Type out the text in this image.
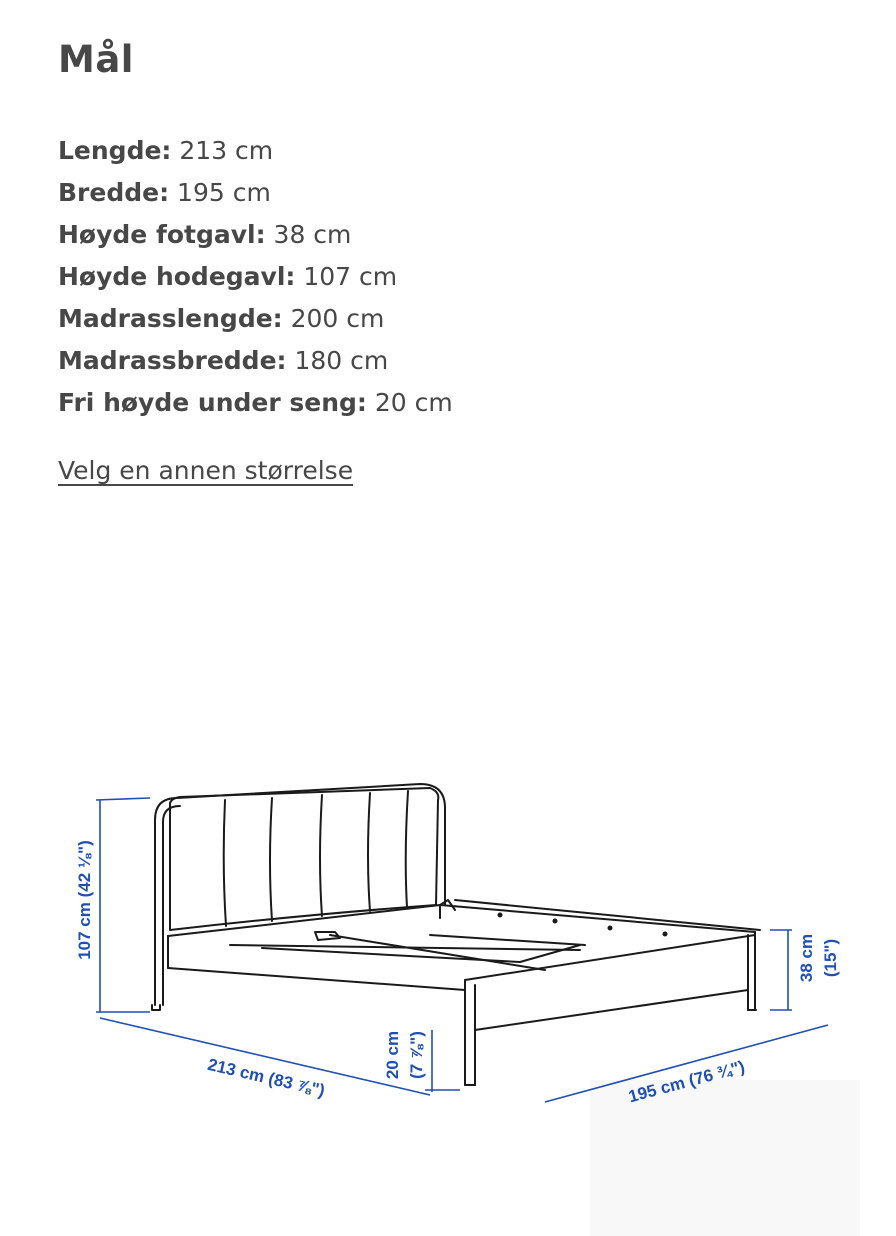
Mål
Lengde: 213 cm
Bredde: 195 cm
Høyde fotgavl: 38 cm
Høyde hodegavl: 107 cm
Madrasslengde: 200 cm
Madrassbredde: 180 cm
Fri høyde under seng: 20 cm
Velg en annen størrelse
107 cm (42 ⅛")	38 cm (15")
20 cm (7 ⅞")
213 cm (83 ⅞")	195 cm (76 ¾")
